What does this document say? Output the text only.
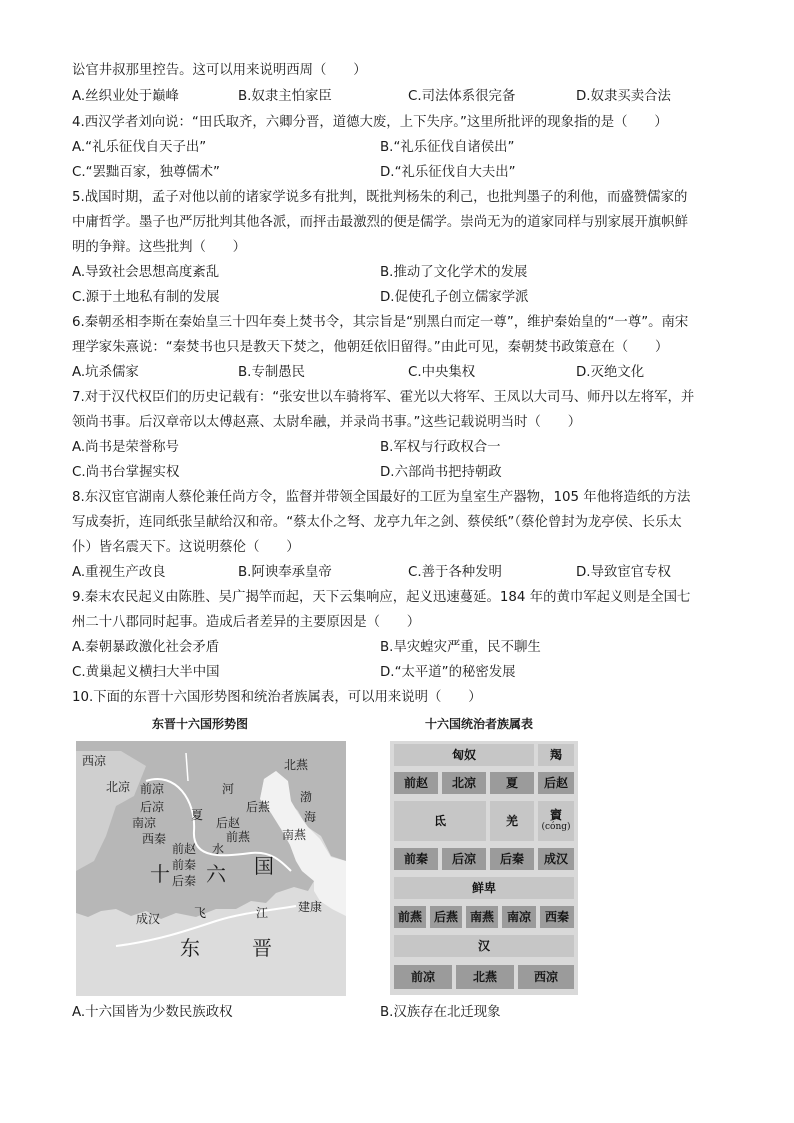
讼官井叔那里控告。这可以用来说明西周（　　）
A.丝织业处于巅峰	B.奴隶主怕家臣	C.司法体系很完备	D.奴隶买卖合法
4.西汉学者刘向说：“田氏取齐，六卿分晋，道德大废，上下失序。”这里所批评的现象指的是（　　）
A.“礼乐征伐自天子出”	B.“礼乐征伐自诸侯出”
C.“罢黜百家，独尊儒术”	D.“礼乐征伐自大夫出”
5.战国时期，孟子对他以前的诸家学说多有批判，既批判杨朱的利己，也批判墨子的利他，而盛赞儒家的
中庸哲学。墨子也严厉批判其他各派，而抨击最激烈的便是儒学。崇尚无为的道家同样与别家展开旗帜鲜
明的争辩。这些批判（　　）
A.导致社会思想高度紊乱	B.推动了文化学术的发展
C.源于土地私有制的发展	D.促使孔子创立儒家学派
6.秦朝丞相李斯在秦始皇三十四年奏上焚书令，其宗旨是“别黑白而定一尊”，维护秦始皇的“一尊”。南宋
理学家朱熹说：“秦焚书也只是教天下焚之，他朝廷依旧留得。”由此可见，秦朝焚书政策意在（　　）
A.坑杀儒家	B.专制愚民	C.中央集权	D.灭绝文化
7.对于汉代权臣们的历史记载有：“张安世以车骑将军、霍光以大将军、王凤以大司马、师丹以左将军，并
领尚书事。后汉章帝以太傅赵熹、太尉牟融，并录尚书事。”这些记载说明当时（　　）
A.尚书是荣誉称号	B.军权与行政权合一
C.尚书台掌握实权	D.六部尚书把持朝政
8.东汉宦官湖南人蔡伦兼任尚方令，监督并带领全国最好的工匠为皇室生产器物，105 年他将造纸的方法
写成奏折，连同纸张呈献给汉和帝。“蔡太仆之弩、龙亭九年之剑、蔡侯纸”（蔡伦曾封为龙亭侯、长乐太
仆）皆名震天下。这说明蔡伦（　　）
A.重视生产改良	B.阿谀奉承皇帝	C.善于各种发明	D.导致宦官专权
9.秦末农民起义由陈胜、吴广揭竿而起，天下云集响应，起义迅速蔓延。184 年的黄巾军起义则是全国七
州二十八郡同时起事。造成后者差异的主要原因是（　　）
A.秦朝暴政激化社会矛盾	B.旱灾蝗灾严重，民不聊生
C.黄巢起义横扫大半中国	D.“太平道”的秘密发展
10.下面的东晋十六国形势图和统治者族属表，可以用来说明（　　）
东晋十六国形势图
西凉
北凉 前凉
后凉
南凉
西秦
夏
河
北燕
后燕
后赵
前燕
渤
海
南燕
前赵
前秦
后秦
十 六 国
水
成汉	飞	江 建康
东	晋
十六国统治者族属表
匈奴	羯
前赵	北凉	夏	后赵
氐	羌	賨
(cóng)
前秦	后凉	后秦	成汉
鲜卑
前燕 后燕 南燕	南凉	西秦
汉
前凉	北燕	西凉
A.十六国皆为少数民族政权	B.汉族存在北迁现象
